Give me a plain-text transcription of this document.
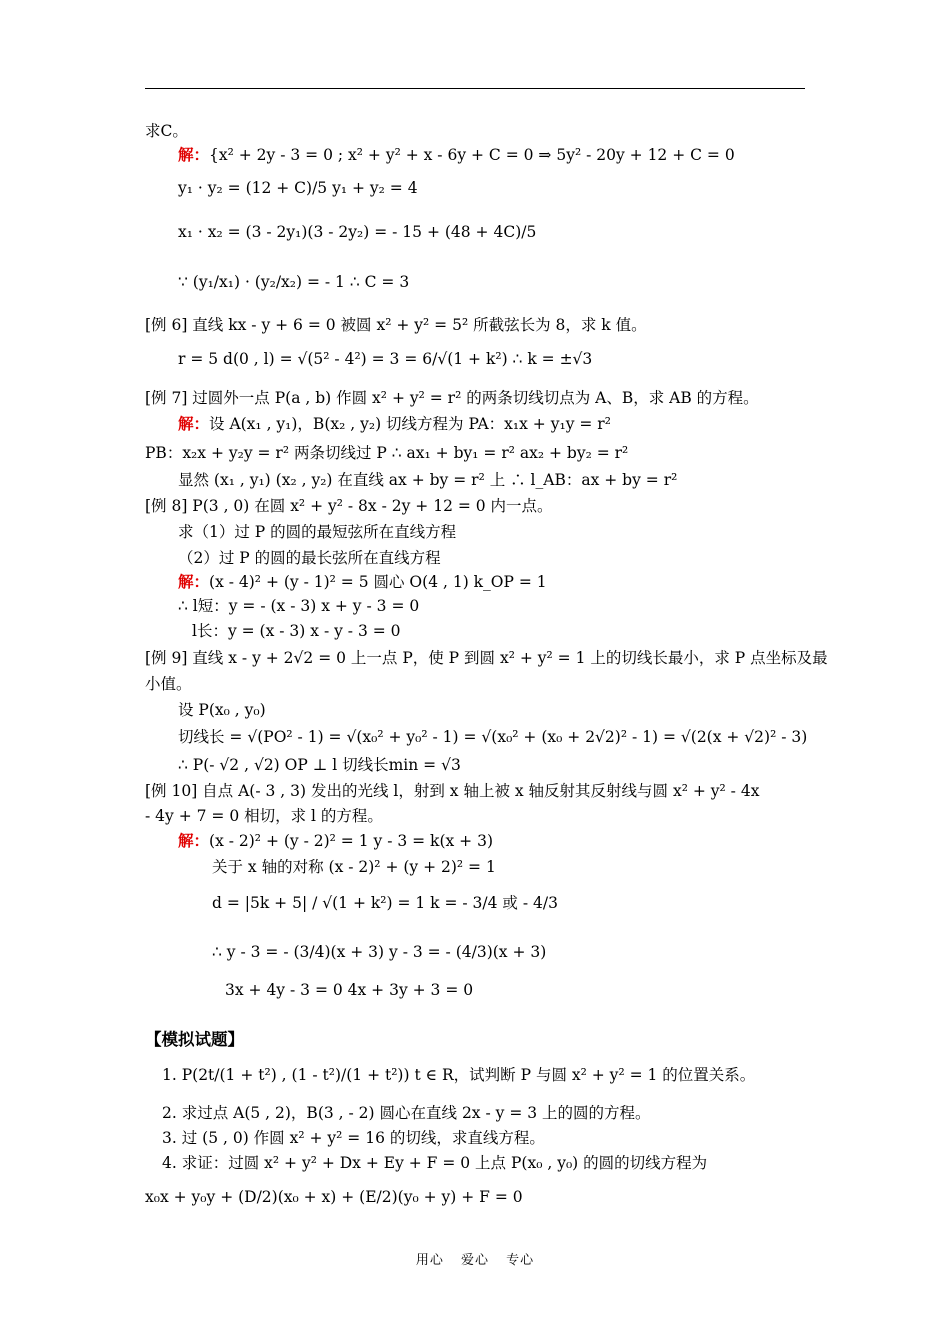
求C。
解：{x² + 2y - 3 = 0 ; x² + y² + x - 6y + C = 0 ⇒ 5y² - 20y + 12 + C = 0
y₁ · y₂ = (12 + C)/5 y₁ + y₂ = 4
x₁ · x₂ = (3 - 2y₁)(3 - 2y₂) = - 15 + (48 + 4C)/5
∵ (y₁/x₁) · (y₂/x₂) = - 1 ∴ C = 3
[例 6] 直线 kx - y + 6 = 0 被圆 x² + y² = 5² 所截弦长为 8，求 k 值。
r = 5 d(0 , l) = √(5² - 4²) = 3 = 6/√(1 + k²) ∴ k = ±√3
[例 7] 过圆外一点 P(a , b) 作圆 x² + y² = r² 的两条切线切点为 A、B，求 AB 的方程。
解：设 A(x₁ , y₁)，B(x₂ , y₂) 切线方程为 PA：x₁x + y₁y = r²
PB：x₂x + y₂y = r² 两条切线过 P ∴ ax₁ + by₁ = r² ax₂ + by₂ = r²
显然 (x₁ , y₁) (x₂ , y₂) 在直线 ax + by = r² 上 ∴ l_AB：ax + by = r²
[例 8] P(3 , 0) 在圆 x² + y² - 8x - 2y + 12 = 0 内一点。
求（1）过 P 的圆的最短弦所在直线方程
（2）过 P 的圆的最长弦所在直线方程
解：(x - 4)² + (y - 1)² = 5 圆心 O(4 , 1) k_OP = 1
∴ l短：y = - (x - 3) x + y - 3 = 0
l长：y = (x - 3) x - y - 3 = 0
[例 9] 直线 x - y + 2√2 = 0 上一点 P，使 P 到圆 x² + y² = 1 上的切线长最小，求 P 点坐标及最
小值。
设 P(x₀ , y₀)
切线长 = √(PO² - 1) = √(x₀² + y₀² - 1) = √(x₀² + (x₀ + 2√2)² - 1) = √(2(x + √2)² - 3)
∴ P(- √2 , √2) OP ⊥ l 切线长min = √3
[例 10] 自点 A(- 3 , 3) 发出的光线 l，射到 x 轴上被 x 轴反射其反射线与圆 x² + y² - 4x
- 4y + 7 = 0 相切，求 l 的方程。
解：(x - 2)² + (y - 2)² = 1 y - 3 = k(x + 3)
关于 x 轴的对称 (x - 2)² + (y + 2)² = 1
d = |5k + 5| / √(1 + k²) = 1 k = - 3/4 或 - 4/3
∴ y - 3 = - (3/4)(x + 3) y - 3 = - (4/3)(x + 3)
3x + 4y - 3 = 0 4x + 3y + 3 = 0
【模拟试题】
1. P(2t/(1 + t²) , (1 - t²)/(1 + t²)) t ∈ R，试判断 P 与圆 x² + y² = 1 的位置关系。
2. 求过点 A(5 , 2)，B(3 , - 2) 圆心在直线 2x - y = 3 上的圆的方程。
3. 过 (5 , 0) 作圆 x² + y² = 16 的切线，求直线方程。
4. 求证：过圆 x² + y² + Dx + Ey + F = 0 上点 P(x₀ , y₀) 的圆的切线方程为
x₀x + y₀y + (D/2)(x₀ + x) + (E/2)(y₀ + y) + F = 0
用心 爱心 专心
